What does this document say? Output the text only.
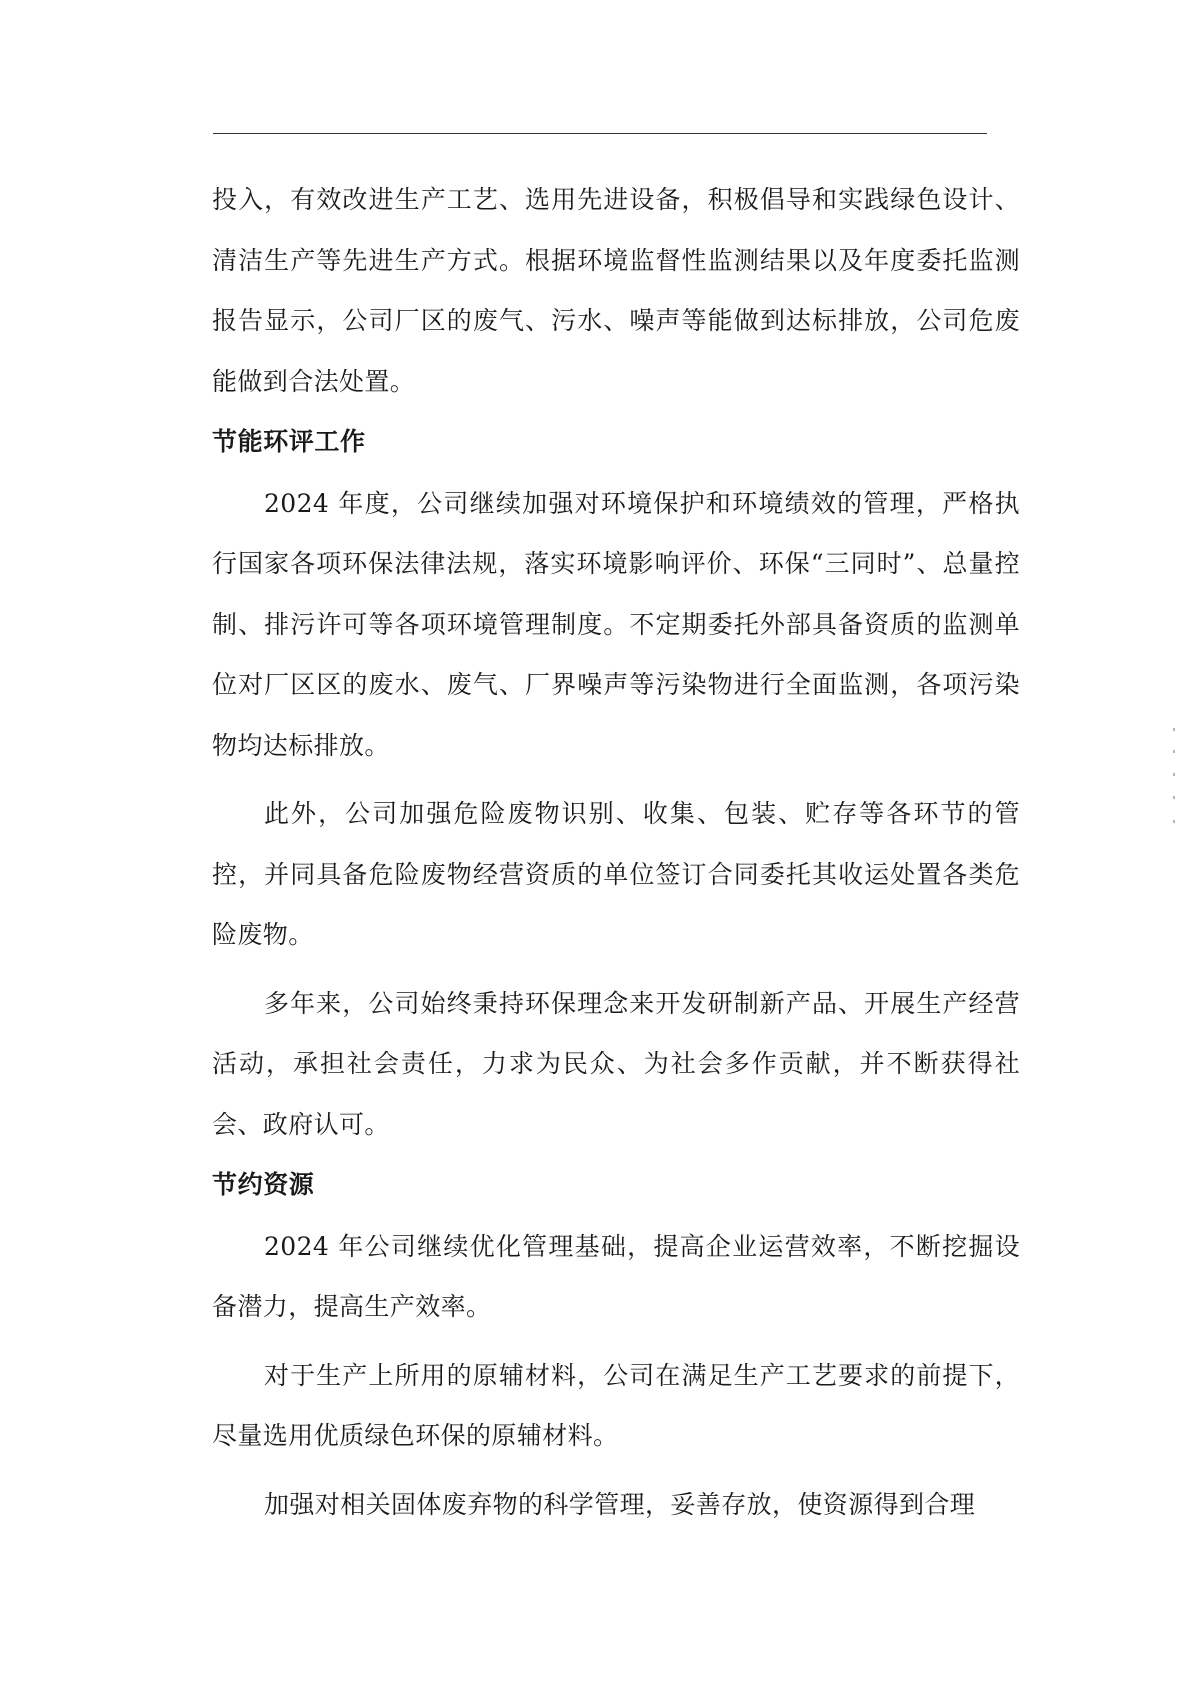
投入，有效改进生产工艺、选用先进设备，积极倡导和实践绿色设计、清洁生产等先进生产方式。根据环境监督性监测结果以及年度委托监测报告显示，公司厂区的废气、污水、噪声等能做到达标排放，公司危废能做到合法处置。

节能环评工作

2024 年度，公司继续加强对环境保护和环境绩效的管理，严格执行国家各项环保法律法规，落实环境影响评价、环保“三同时”、总量控制、排污许可等各项环境管理制度。不定期委托外部具备资质的监测单位对厂区区的废水、废气、厂界噪声等污染物进行全面监测，各项污染物均达标排放。

此外，公司加强危险废物识别、收集、包装、贮存等各环节的管控，并同具备危险废物经营资质的单位签订合同委托其收运处置各类危险废物。

多年来，公司始终秉持环保理念来开发研制新产品、开展生产经营活动，承担社会责任，力求为民众、为社会多作贡献，并不断获得社会、政府认可。

节约资源

2024 年公司继续优化管理基础，提高企业运营效率，不断挖掘设备潜力，提高生产效率。

对于生产上所用的原辅材料，公司在满足生产工艺要求的前提下，尽量选用优质绿色环保的原辅材料。

加强对相关固体废弃物的科学管理，妥善存放，使资源得到合理
